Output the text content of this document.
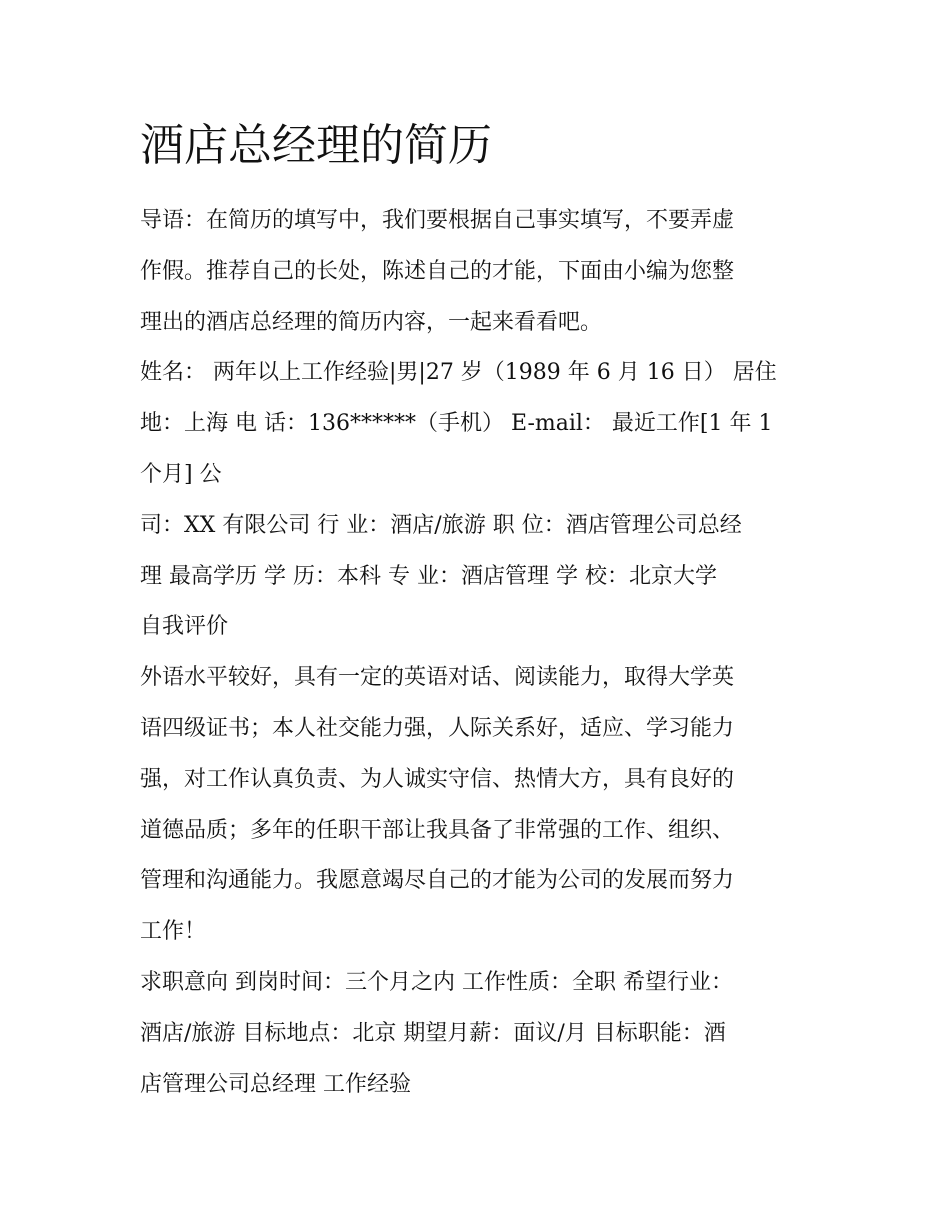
酒店总经理的简历

导语：在简历的填写中，我们要根据自己事实填写，不要弄虚
作假。推荐自己的长处，陈述自己的才能，下面由小编为您整
理出的酒店总经理的简历内容，一起来看看吧。

姓名： 两年以上工作经验|男|27 岁（1989 年 6 月 16 日） 居住
地：上海 电 话：136******（手机） E-mail： 最近工作[1 年 1
个月] 公

司：XX 有限公司 行 业：酒店/旅游 职 位：酒店管理公司总经
理 最高学历 学 历：本科 专 业：酒店管理 学 校：北京大学

自我评价

外语水平较好，具有一定的英语对话、阅读能力，取得大学英
语四级证书；本人社交能力强，人际关系好，适应、学习能力
强，对工作认真负责、为人诚实守信、热情大方，具有良好的
道德品质；多年的任职干部让我具备了非常强的工作、组织、
管理和沟通能力。我愿意竭尽自己的才能为公司的发展而努力
工作！

求职意向 到岗时间：三个月之内 工作性质：全职 希望行业：
酒店/旅游 目标地点：北京 期望月薪：面议/月 目标职能：酒
店管理公司总经理 工作经验
